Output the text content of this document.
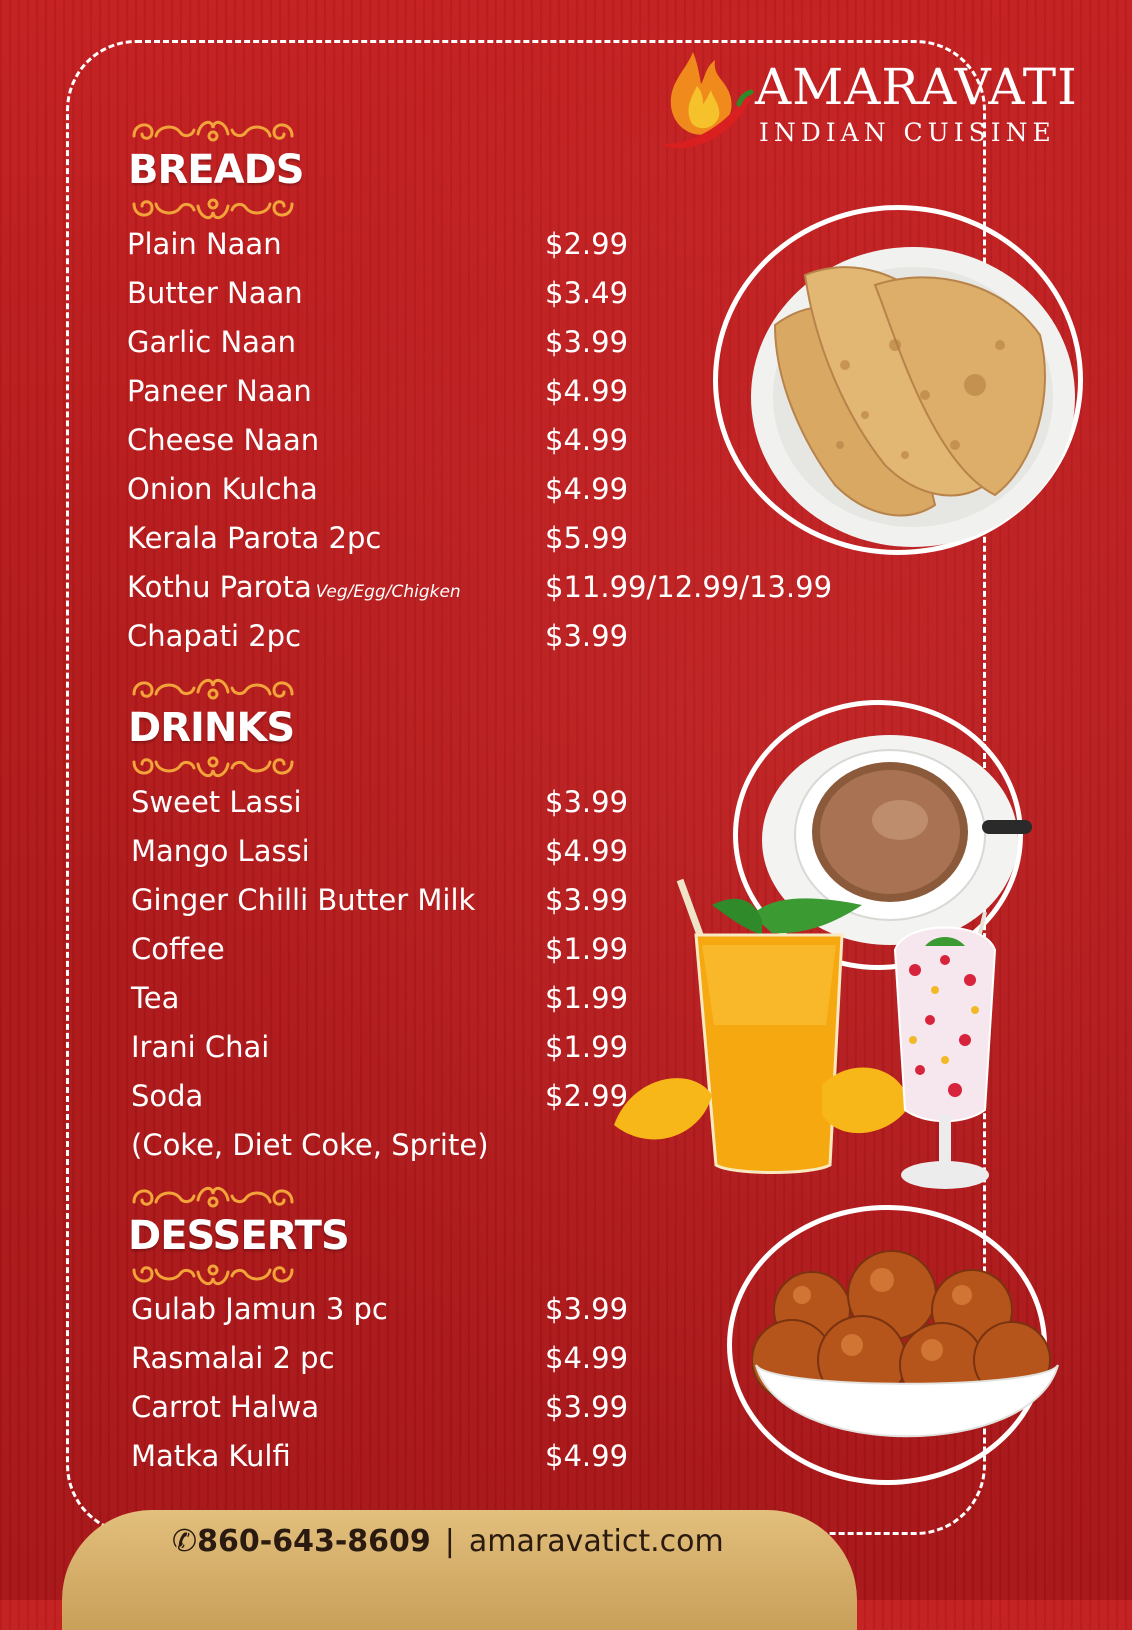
AMARAVATI
INDIAN CUISINE
BREADS
Plain Naan	$2.99
Butter Naan	$3.49
Garlic Naan	$3.99
Paneer Naan	$4.99
Cheese Naan	$4.99
Onion Kulcha	$4.99
Kerala Parota 2pc	$5.99
Kothu Parota Veg/Egg/Chigken	$11.99/12.99/13.99
Chapati 2pc	$3.99
DRINKS
Sweet Lassi	$3.99
Mango Lassi	$4.99
Ginger Chilli Butter Milk $3.99
Coffee	$1.99
Tea	$1.99
Irani Chai	$1.99
Soda	$2.99
(Coke, Diet Coke, Sprite)
DESSERTS
Gulab Jamun 3 pc	$3.99
Rasmalai 2 pc	$4.99
Carrot Halwa	$3.99
Matka Kulfi	$4.99
✆860-643-8609 | amaravatict.com
